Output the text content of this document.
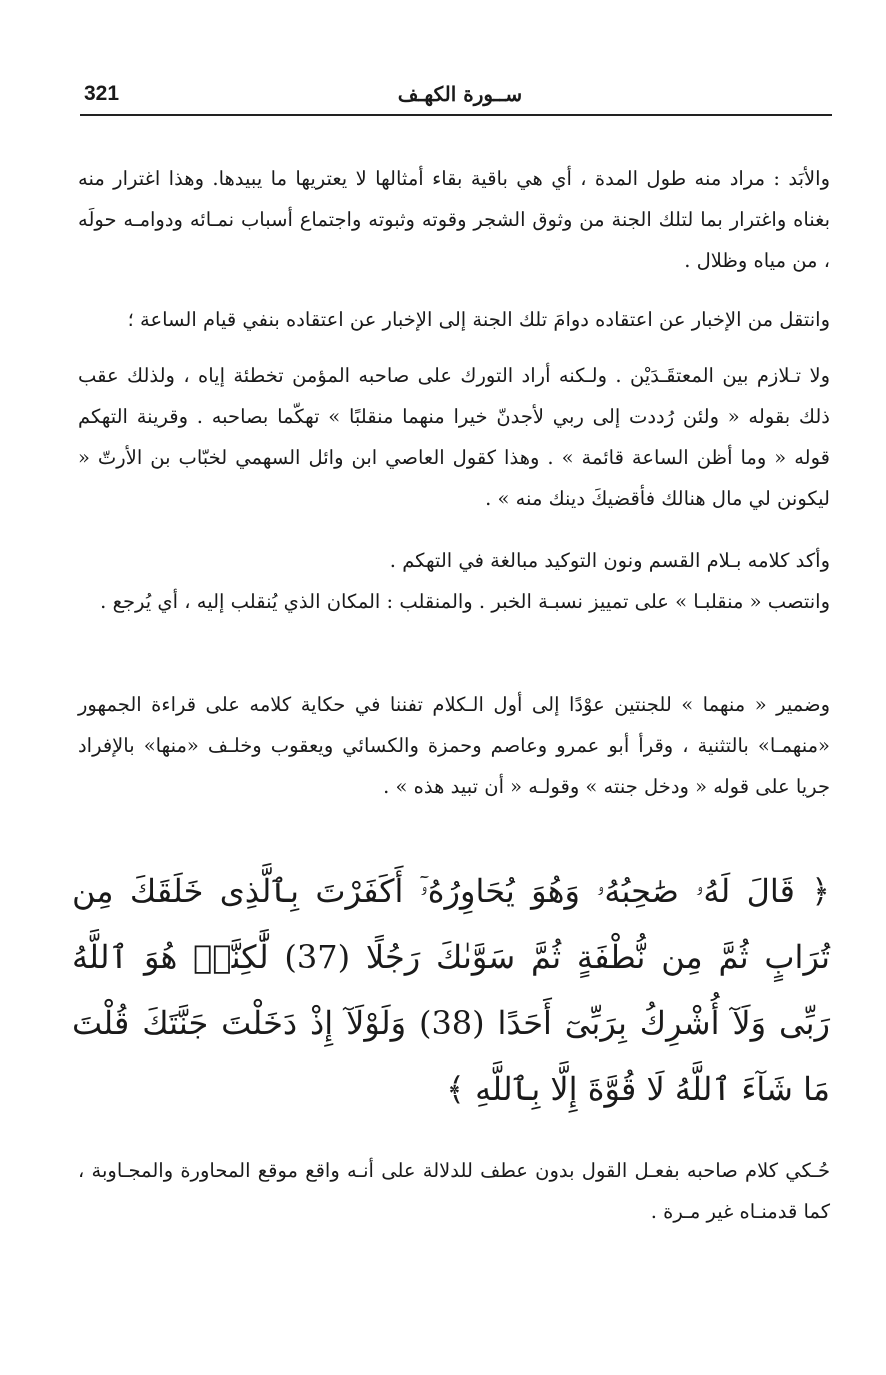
321	ســورة الكهـف

والأبَد : مراد منه طول المدة ، أي هي باقية بقاء أمثالها لا يعتريها ما يبيدها. وهذا اغترار منه بغناه واغترار بما لتلك الجنة من وثوق الشجر وقوته وثبوته واجتماع أسباب نمـائه ودوامـه حولَه ، من مياه وظلال .

وانتقل من الإخبار عن اعتقاده دوامَ تلك الجنة إلى الإخبار عن اعتقاده بنفي قيام الساعة ؛

ولا تـلازم بين المعتقَـدَيْن . ولـكنه أراد التورك على صاحبه المؤمن تخطئة إياه ، ولذلك عقب ذلك بقوله « ولئن رُددت إلى ربي لأجدنّ خيرا منهما منقلبًا » تهكّما بصاحبه . وقرينة التهكم قوله « وما أظن الساعة قائمة » . وهذا كقول العاصي ابن وائل السهمي لخبّاب بن الأرتّ « ليكونن لي مال هنالك فأقضيكَ دينك منه » .

وأكد كلامه بـلام القسم ونون التوكيد مبالغة في التهكم .

وانتصب « منقلبـا » على تمييز نسبـة الخبر . والمنقلب : المكان الذي يُنقلب إليه ، أي يُرجع .

وضمير « منهما » للجنتين عوْدًا إلى أول الـكلام تفننا في حكاية كلامه على قراءة الجمهور «منهمـا» بالتثنية ، وقرأ أبو عمرو وعاصم وحمزة والكسائي ويعقوب وخلـف «منها» بالإفراد جريا على قوله « ودخل جنته » وقولـه « أن تبيد هذه » .

﴿ قَالَ لَهُۥ صَٰحِبُهُۥ وَهُوَ يُحَاوِرُهُۥٓ أَكَفَرْتَ بِٱلَّذِى خَلَقَكَ مِن تُرَابٍ ثُمَّ مِن نُّطْفَةٍ ثُمَّ سَوَّىٰكَ رَجُلًا (37) لَّٰكِنَّا۠ هُوَ ٱللَّهُ رَبِّى وَلَآ أُشْرِكُ بِرَبِّىٓ أَحَدًا (38) وَلَوْلَآ إِذْ دَخَلْتَ جَنَّتَكَ قُلْتَ مَا شَآءَ ٱللَّهُ لَا قُوَّةَ إِلَّا بِٱللَّهِ ﴾

حُـكي كلام صاحبه بفعـل القول بدون عطف للدلالة على أنـه واقع موقع المحاورة والمجـاوبة ، كما قدمنـاه غير مـرة .
